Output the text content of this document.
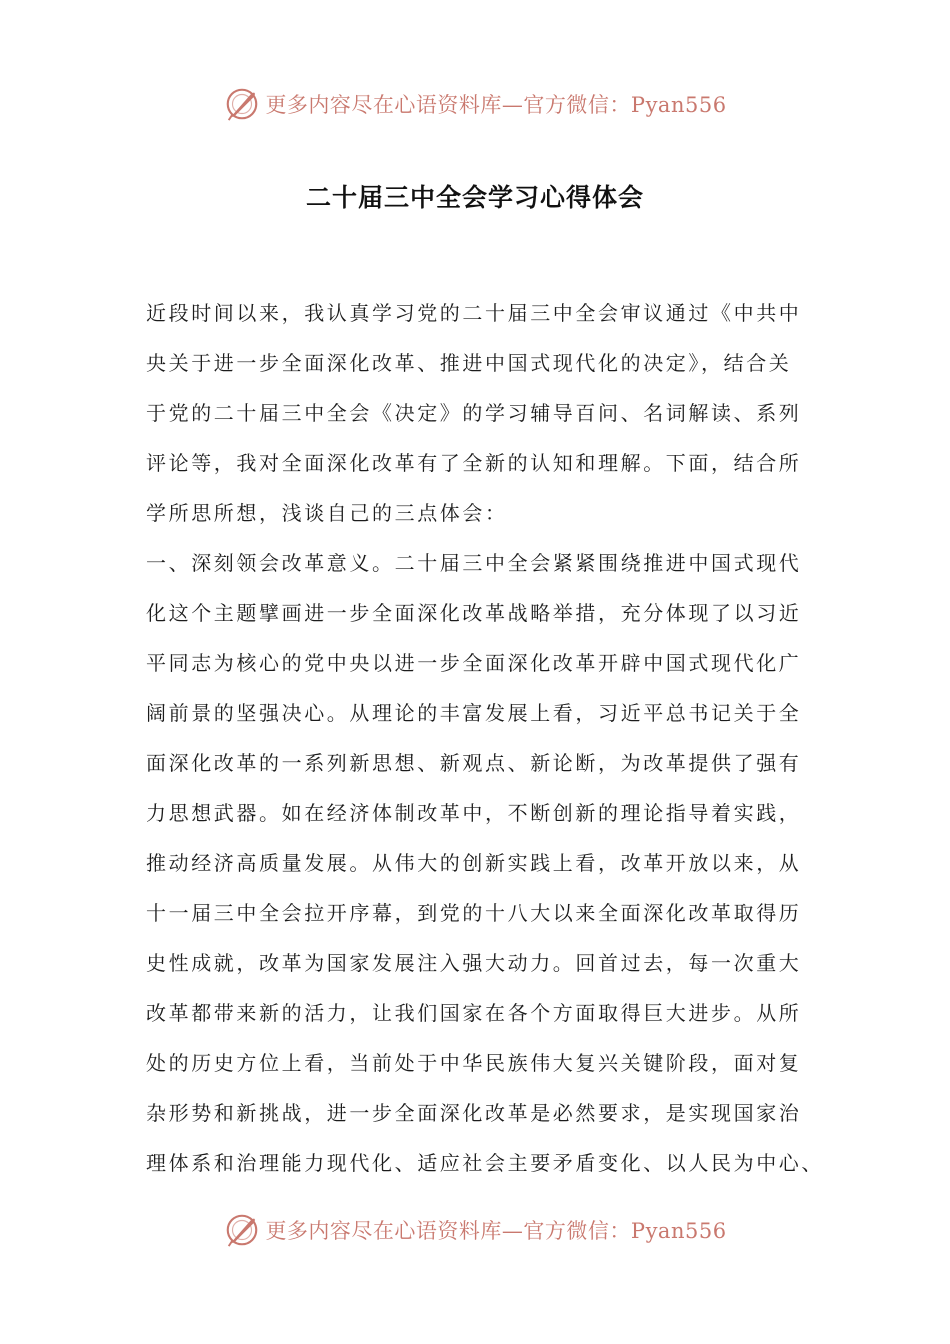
更多内容尽在心语资料库—官方微信：Pyan556
二十届三中全会学习心得体会
近段时间以来，我认真学习党的二十届三中全会审议通过《中共中
央关于进一步全面深化改革、推进中国式现代化的决定》，结合关
于党的二十届三中全会《决定》的学习辅导百问、名词解读、系列
评论等，我对全面深化改革有了全新的认知和理解。下面，结合所
学所思所想，浅谈自己的三点体会：
一、深刻领会改革意义。二十届三中全会紧紧围绕推进中国式现代
化这个主题擘画进一步全面深化改革战略举措，充分体现了以习近
平同志为核心的党中央以进一步全面深化改革开辟中国式现代化广
阔前景的坚强决心。从理论的丰富发展上看，习近平总书记关于全
面深化改革的一系列新思想、新观点、新论断，为改革提供了强有
力思想武器。如在经济体制改革中，不断创新的理论指导着实践，
推动经济高质量发展。从伟大的创新实践上看，改革开放以来，从
十一届三中全会拉开序幕，到党的十八大以来全面深化改革取得历
史性成就，改革为国家发展注入强大动力。回首过去，每一次重大
改革都带来新的活力，让我们国家在各个方面取得巨大进步。从所
处的历史方位上看，当前处于中华民族伟大复兴关键阶段，面对复
杂形势和新挑战，进一步全面深化改革是必然要求，是实现国家治
理体系和治理能力现代化、适应社会主要矛盾变化、以人民为中心、
更多内容尽在心语资料库—官方微信：Pyan556
